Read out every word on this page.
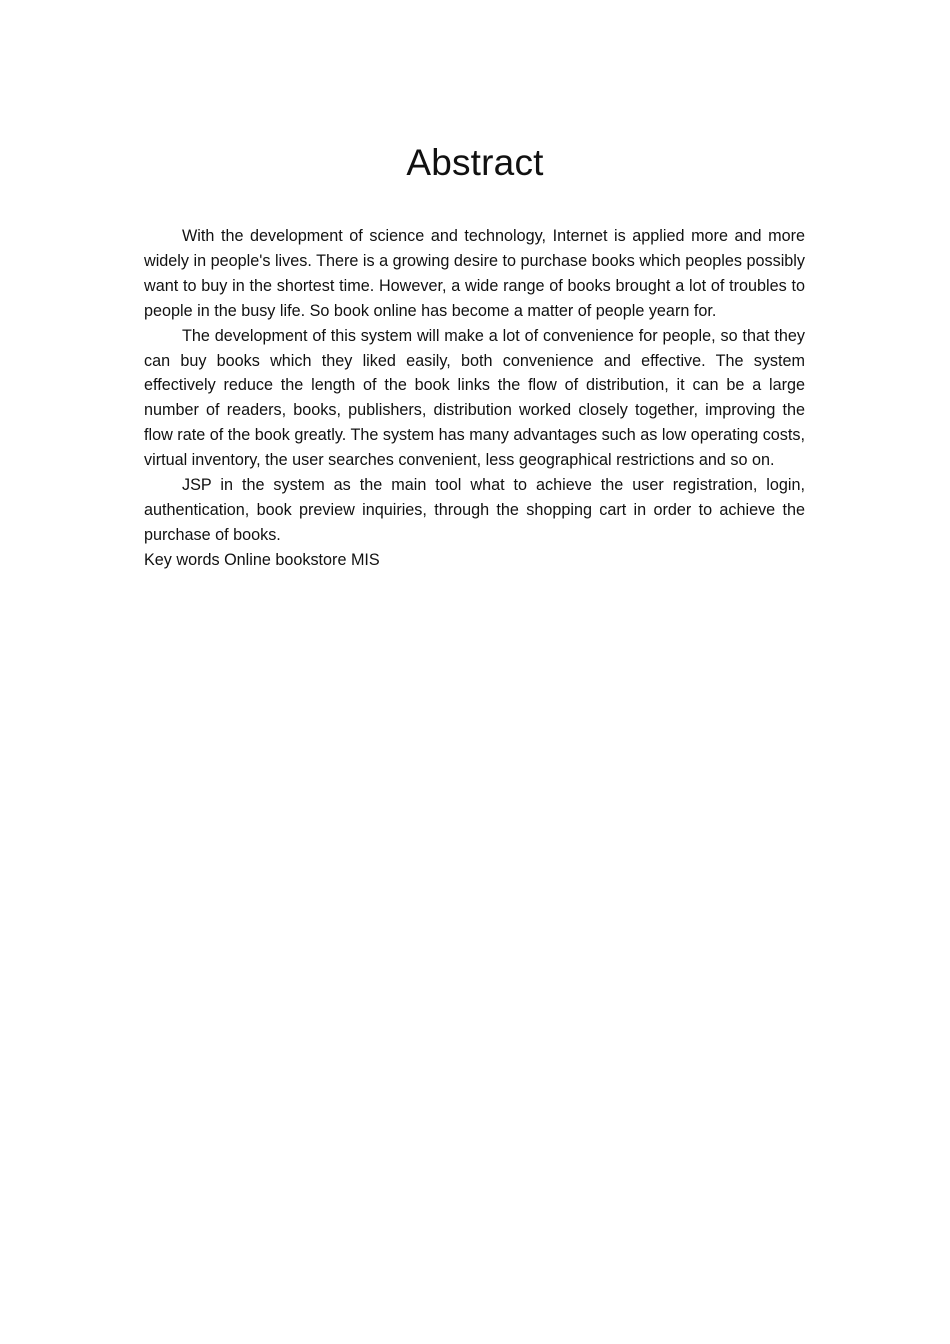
Abstract

With the development of science and technology, Internet is applied more and more widely in people's lives. There is a growing desire to purchase books which peoples possibly want to buy in the shortest time. However, a wide range of books brought a lot of troubles to people in the busy life. So book online has become a matter of people yearn for.

The development of this system will make a lot of convenience for people, so that they can buy books which they liked easily, both convenience and effective. The system effectively reduce the length of the book links the flow of distribution, it can be a large number of readers, books, publishers, distribution worked closely together, improving the flow rate of the book greatly. The system has many advantages such as low operating costs, virtual inventory, the user searches convenient, less geographical restrictions and so on.

JSP in the system as the main tool what to achieve the user registration, login, authentication, book preview inquiries, through the shopping cart in order to achieve the purchase of books.

Key words Online bookstore MIS
